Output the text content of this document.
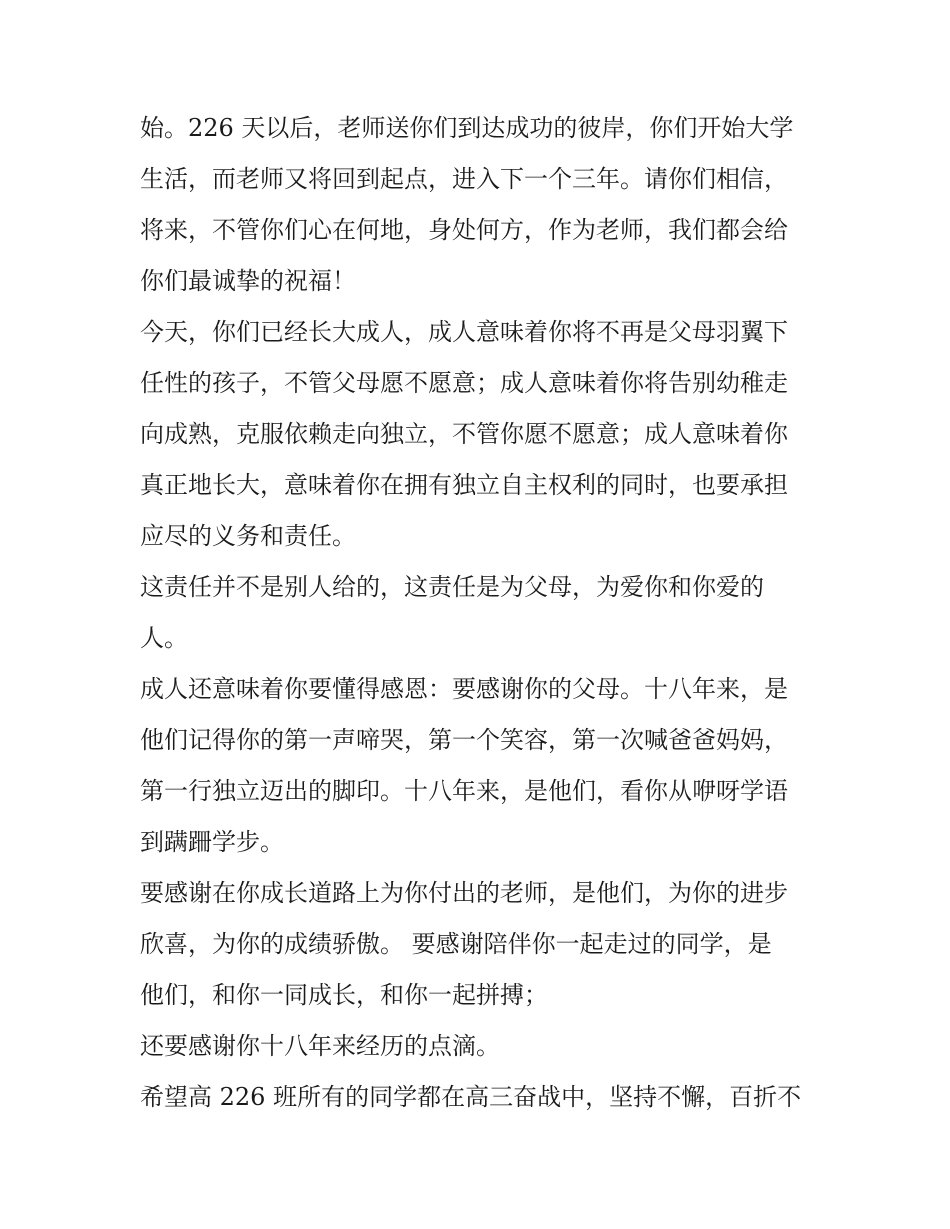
始。226 天以后，老师送你们到达成功的彼岸，你们开始大学
生活，而老师又将回到起点，进入下一个三年。请你们相信，
将来，不管你们心在何地，身处何方，作为老师，我们都会给
你们最诚挚的祝福！
今天，你们已经长大成人，成人意味着你将不再是父母羽翼下
任性的孩子，不管父母愿不愿意；成人意味着你将告别幼稚走
向成熟，克服依赖走向独立，不管你愿不愿意；成人意味着你
真正地长大，意味着你在拥有独立自主权利的同时，也要承担
应尽的义务和责任。
这责任并不是别人给的，这责任是为父母，为爱你和你爱的
人。
成人还意味着你要懂得感恩：要感谢你的父母。十八年来，是
他们记得你的第一声啼哭，第一个笑容，第一次喊爸爸妈妈，
第一行独立迈出的脚印。十八年来，是他们，看你从咿呀学语
到蹒跚学步。
要感谢在你成长道路上为你付出的老师，是他们，为你的进步
欣喜，为你的成绩骄傲。 要感谢陪伴你一起走过的同学，是
他们，和你一同成长，和你一起拼搏；
还要感谢你十八年来经历的点滴。
希望高 226 班所有的同学都在高三奋战中，坚持不懈，百折不
